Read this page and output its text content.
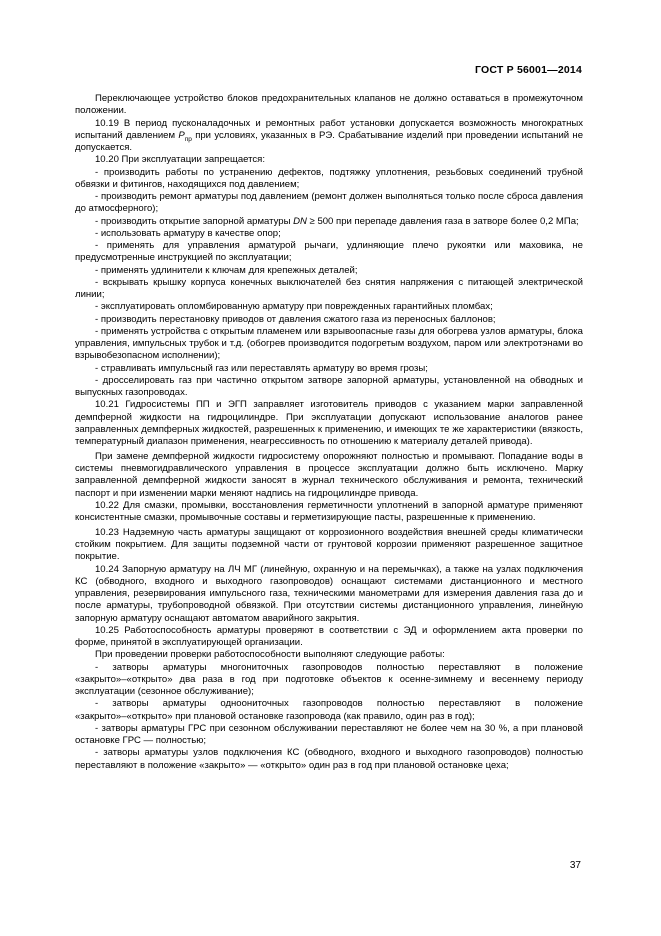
ГОСТ Р 56001—2014

Переключающее устройство блоков предохранительных клапанов не должно оставаться в промежуточном положении.

10.19 В период пусконаладочных и ремонтных работ установки допускается возможность многократных испытаний давлением $P_{пр}$ при условиях, указанных в РЭ. Срабатывание изделий при проведении испытаний не допускается.

10.20 При эксплуатации запрещается:

- производить работы по устранению дефектов, подтяжку уплотнения, резьбовых соединений трубной обвязки и фитингов, находящихся под давлением;

- производить ремонт арматуры под давлением (ремонт должен выполняться только после сброса давления до атмосферного);

- производить открытие запорной арматуры DN ≥ 500 при перепаде давления газа в затворе более 0,2 МПа;

- использовать арматуру в качестве опор;

- применять для управления арматурой рычаги, удлиняющие плечо рукоятки или маховика, не предусмотренные инструкцией по эксплуатации;

- применять удлинители к ключам для крепежных деталей;

- вскрывать крышку корпуса конечных выключателей без снятия напряжения с питающей электрической линии;

- эксплуатировать опломбированную арматуру при поврежденных гарантийных пломбах;

- производить перестановку приводов от давления сжатого газа из переносных баллонов;

- применять устройства с открытым пламенем или взрывоопасные газы для обогрева узлов арматуры, блока управления, импульсных трубок и т.д. (обогрев производится подогретым воздухом, паром или электротэнами во взрывобезопасном исполнении);

- стравливать импульсный газ или переставлять арматуру во время грозы;

- дросселировать газ при частично открытом затворе запорной арматуры, установленной на обводных и выпускных газопроводах.

10.21 Гидросистемы ПП и ЭГП заправляет изготовитель приводов с указанием марки заправленной демпферной жидкости на гидроцилиндре. При эксплуатации допускают использование аналогов ранее заправленных демпферных жидкостей, разрешенных к применению, и имеющих те же характеристики (вязкость, температурный диапазон применения, неагрессивность по отношению к материалу деталей привода).

При замене демпферной жидкости гидросистему опорожняют полностью и промывают. Попадание воды в системы пневмогидравлического управления в процессе эксплуатации должно быть исключено. Марку заправленной демпферной жидкости заносят в журнал технического обслуживания и ремонта, технический паспорт и при изменении марки меняют надпись на гидроцилиндре привода.

10.22 Для смазки, промывки, восстановления герметичности уплотнений в запорной арматуре применяют консистентные смазки, промывочные составы и герметизирующие пасты, разрешенные к применению.

10.23 Надземную часть арматуры защищают от коррозионного воздействия внешней среды климатически стойким покрытием. Для защиты подземной части от грунтовой коррозии применяют разрешенное защитное покрытие.

10.24 Запорную арматуру на ЛЧ МГ (линейную, охранную и на перемычках), а также на узлах подключения КС (обводного, входного и выходного газопроводов) оснащают системами дистанционного и местного управления, резервирования импульсного газа, техническими манометрами для измерения давления газа до и после арматуры, трубопроводной обвязкой. При отсутствии системы дистанционного управления, линейную запорную арматуру оснащают автоматом аварийного закрытия.

10.25 Работоспособность арматуры проверяют в соответствии с ЭД и оформлением акта проверки по форме, принятой в эксплуатирующей организации.

При проведении проверки работоспособности выполняют следующие работы:

- затворы арматуры многониточных газопроводов полностью переставляют в положение «закрыто»–«открыто» два раза в год при подготовке объектов к осенне-зимнему и весеннему периоду эксплуатации (сезонное обслуживание);

- затворы арматуры одноониточных газопроводов полностью переставляют в положение «закрыто»–«открыто» при плановой остановке газопровода (как правило, один раз в год);

- затворы арматуры ГРС при сезонном обслуживании переставляют не более чем на 30 %, а при плановой остановке ГРС — полностью;

- затворы арматуры узлов подключения КС (обводного, входного и выходного газопроводов) полностью переставляют в положение «закрыто» — «открыто» один раз в год при плановой остановке цеха;

37
